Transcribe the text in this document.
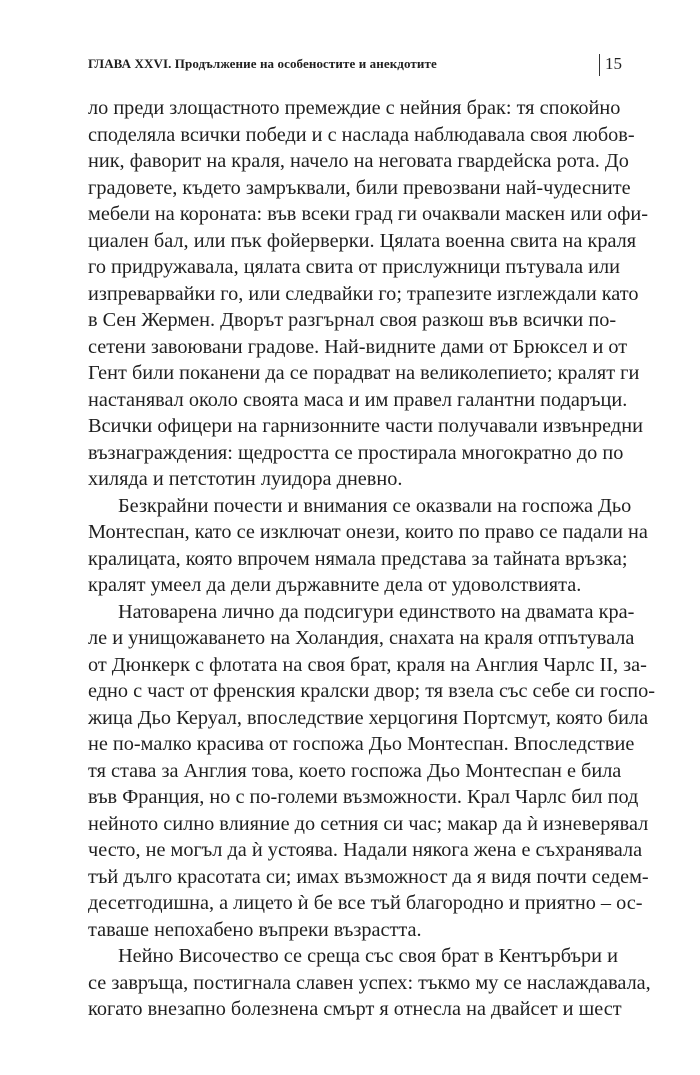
ГЛАВА XXVI. Продължение на особеностите и анекдотите	15
ло преди злощастното премеждие с нейния брак: тя спокойно
споделяла всички победи и с наслада наблюдавала своя любов-
ник, фаворит на краля, начело на неговата гвардейска рота. До
градовете, където замръквали, били превозвани най-чудесните
мебели на короната: във всеки град ги очаквали маскен или офи-
циален бал, или пък фойерверки. Цялата военна свита на краля
го придружавала, цялата свита от прислужници пътувала или
изпреварвайки го, или следвайки го; трапезите изглеждали като
в Сен Жермен. Дворът разгърнал своя разкош във всички по-
сетени завоювани градове. Най-видните дами от Брюксел и от
Гент били поканени да се порадват на великолепието; кралят ги
настанявал около своята маса и им правел галантни подаръци.
Всички офицери на гарнизонните части получавали извънредни
възнаграждения: щедростта се простирала многократно до по
хиляда и петстотин луидора дневно.
Безкрайни почести и внимания се оказвали на госпожа Дьо
Монтеспан, като се изключат онези, които по право се падали на
кралицата, която впрочем нямала представа за тайната връзка;
кралят умеел да дели държавните дела от удоволствията.
Натоварена лично да подсигури единството на двамата кра-
ле и унищожаването на Холандия, снахата на краля отпътувала
от Дюнкерк с флотата на своя брат, краля на Англия Чарлс II, за-
едно с част от френския кралски двор; тя взела със себе си госпо-
жица Дьо Керуал, впоследствие херцогиня Портсмут, която била
не по-малко красива от госпожа Дьо Монтеспан. Впоследствие
тя става за Англия това, което госпожа Дьо Монтеспан е била
във Франция, но с по-големи възможности. Крал Чарлс бил под
нейното силно влияние до сетния си час; макар да ѝ изневерявал
често, не могъл да ѝ устоява. Надали някога жена е съхранявала
тъй дълго красотата си; имах възможност да я видя почти седем-
десетгодишна, а лицето ѝ бе все тъй благородно и приятно – ос-
таваше непохабено въпреки възрастта.
Нейно Височество се среща със своя брат в Кентърбъри и
се завръща, постигнала славен успех: тъкмо му се наслаждавала,
когато внезапно болезнена смърт я отнесла на двайсет и шест
